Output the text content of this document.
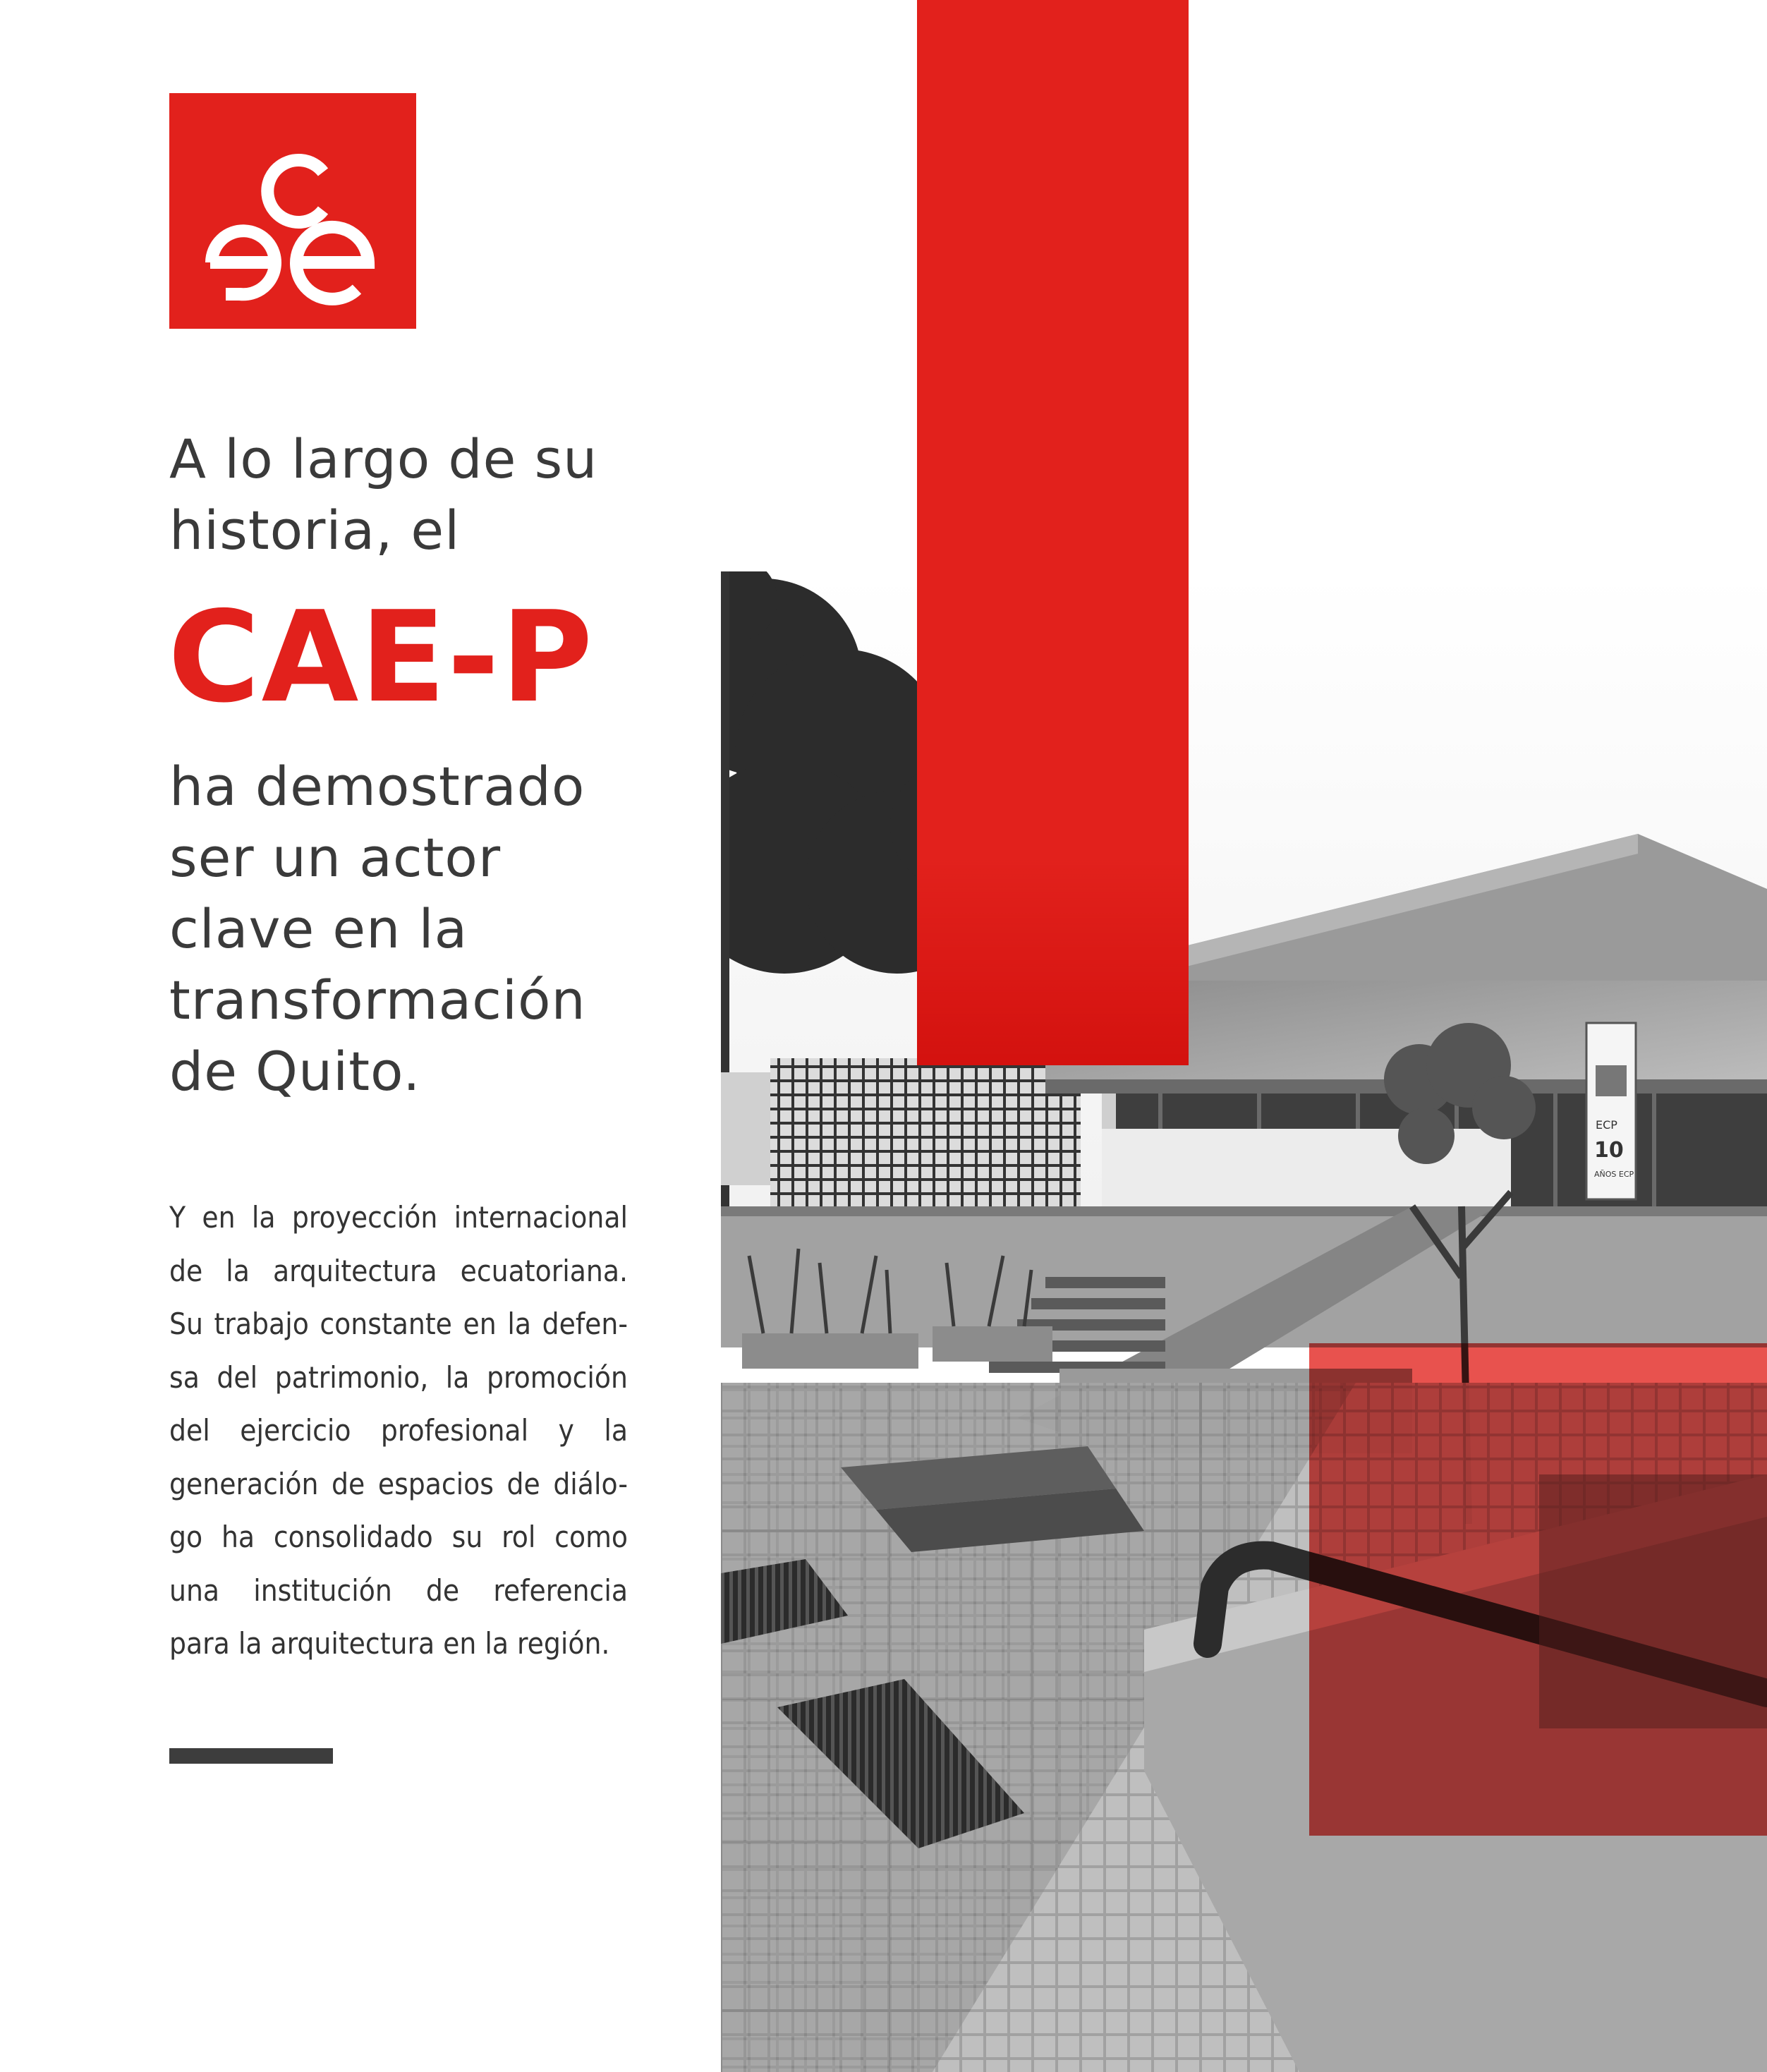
ECP
10
AÑOS ECP
A lo largo de su
historia, el
CAE-P
ha demostrado
ser un actor
clave en la
transformación
de Quito.
Y en la proyección internacional
de la arquitectura ecuatoriana.
Su trabajo constante en la defen-
sa del patrimonio, la promoción
del ejercicio profesional y la
generación de espacios de diálo-
go ha consolidado su rol como
una institución de referencia
para la arquitectura en la región.
